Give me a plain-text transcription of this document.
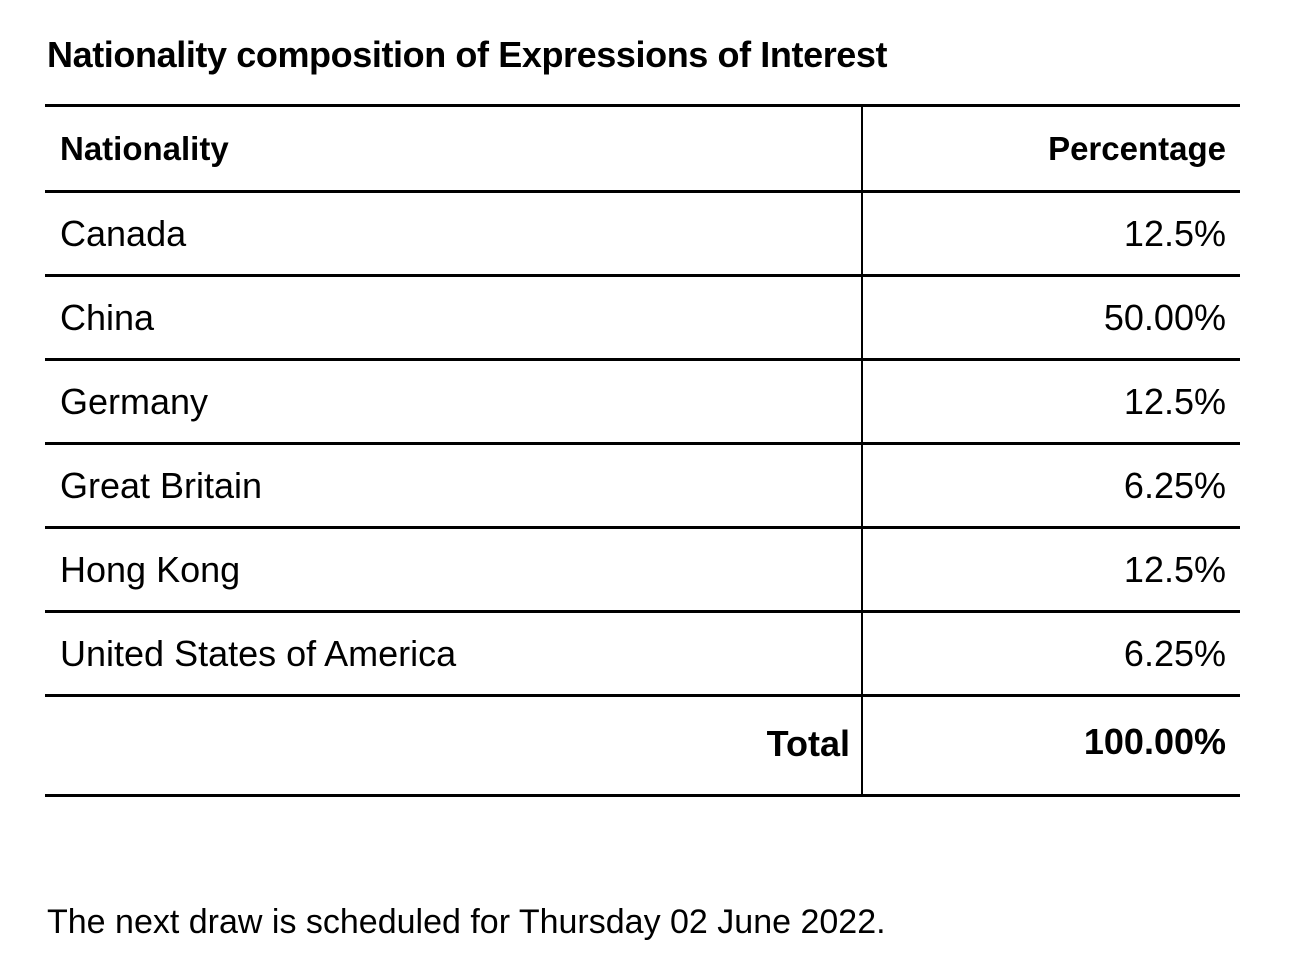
Nationality composition of Expressions of Interest
Nationality	Percentage
Canada	12.5%
China	50.00%
Germany	12.5%
Great Britain	6.25%
Hong Kong	12.5%
United States of America	6.25%
Total	100.00%
The next draw is scheduled for Thursday 02 June 2022.
